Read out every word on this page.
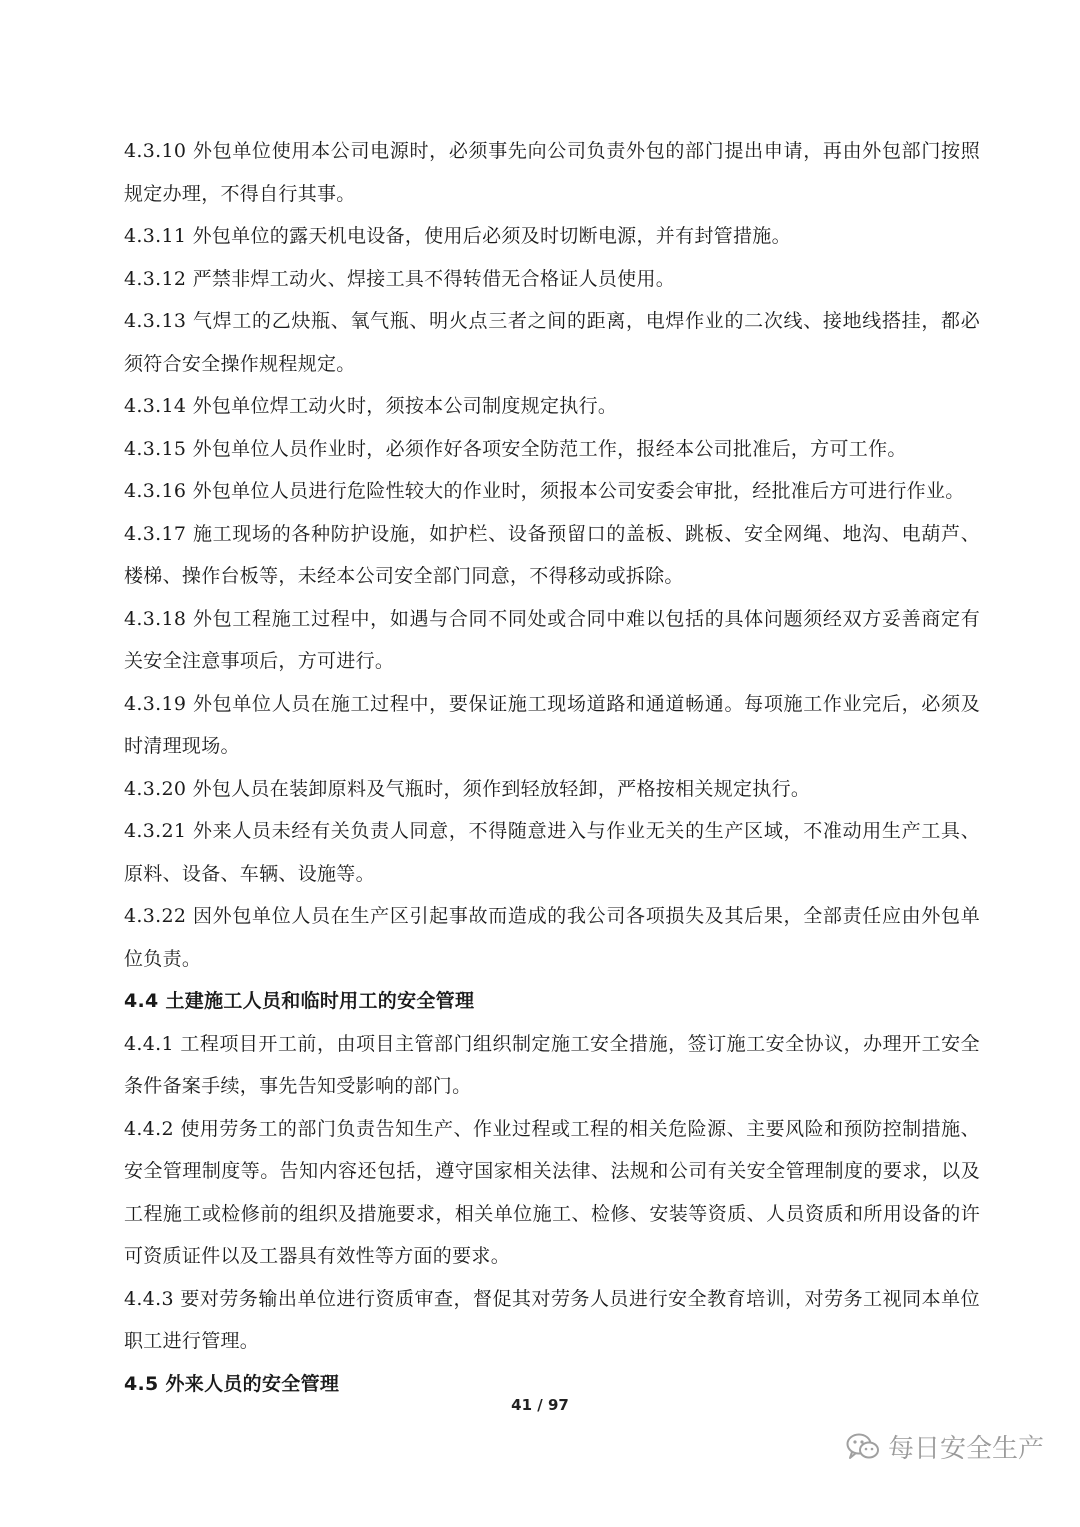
4.3.10 外包单位使用本公司电源时，必须事先向公司负责外包的部门提出申请，再由外包部门按照规定办理，不得自行其事。

4.3.11 外包单位的露天机电设备，使用后必须及时切断电源，并有封管措施。

4.3.12 严禁非焊工动火、焊接工具不得转借无合格证人员使用。

4.3.13 气焊工的乙炔瓶、氧气瓶、明火点三者之间的距离，电焊作业的二次线、接地线搭挂，都必须符合安全操作规程规定。

4.3.14 外包单位焊工动火时，须按本公司制度规定执行。

4.3.15 外包单位人员作业时，必须作好各项安全防范工作，报经本公司批准后，方可工作。

4.3.16 外包单位人员进行危险性较大的作业时，须报本公司安委会审批，经批准后方可进行作业。

4.3.17 施工现场的各种防护设施，如护栏、设备预留口的盖板、跳板、安全网绳、地沟、电葫芦、楼梯、操作台板等，未经本公司安全部门同意，不得移动或拆除。

4.3.18 外包工程施工过程中，如遇与合同不同处或合同中难以包括的具体问题须经双方妥善商定有关安全注意事项后，方可进行。

4.3.19 外包单位人员在施工过程中，要保证施工现场道路和通道畅通。每项施工作业完后，必须及时清理现场。

4.3.20 外包人员在装卸原料及气瓶时，须作到轻放轻卸，严格按相关规定执行。

4.3.21 外来人员未经有关负责人同意，不得随意进入与作业无关的生产区域，不准动用生产工具、原料、设备、车辆、设施等。

4.3.22 因外包单位人员在生产区引起事故而造成的我公司各项损失及其后果，全部责任应由外包单位负责。

4.4 土建施工人员和临时用工的安全管理

4.4.1 工程项目开工前，由项目主管部门组织制定施工安全措施，签订施工安全协议，办理开工安全条件备案手续，事先告知受影响的部门。

4.4.2 使用劳务工的部门负责告知生产、作业过程或工程的相关危险源、主要风险和预防控制措施、安全管理制度等。告知内容还包括，遵守国家相关法律、法规和公司有关安全管理制度的要求，以及工程施工或检修前的组织及措施要求，相关单位施工、检修、安装等资质、人员资质和所用设备的许可资质证件以及工器具有效性等方面的要求。

4.4.3 要对劳务输出单位进行资质审查，督促其对劳务人员进行安全教育培训，对劳务工视同本单位职工进行管理。

4.5 外来人员的安全管理

41 / 97
每日安全生产
